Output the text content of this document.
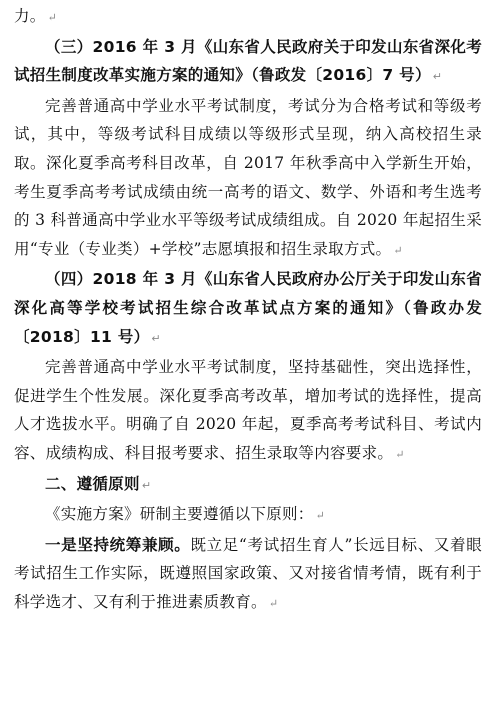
力。 ↵

（三）2016 年 3 月《山东省人民政府关于印发山东省深化考试招生制度改革实施方案的通知》（鲁政发〔2016〕7 号） ↵

完善普通高中学业水平考试制度，考试分为合格考试和等级考试，其中，等级考试科目成绩以等级形式呈现，纳入高校招生录取。深化夏季高考科目改革，自 2017 年秋季高中入学新生开始，考生夏季高考考试成绩由统一高考的语文、数学、外语和考生选考的 3 科普通高中学业水平等级考试成绩组成。自 2020 年起招生采用“专业（专业类）+学校”志愿填报和招生录取方式。 ↵

（四）2018 年 3 月《山东省人民政府办公厅关于印发山东省深化高等学校考试招生综合改革试点方案的通知》（鲁政办发〔2018〕11 号） ↵

完善普通高中学业水平考试制度，坚持基础性，突出选择性，促进学生个性发展。深化夏季高考改革，增加考试的选择性，提高人才选拔水平。明确了自 2020 年起，夏季高考考试科目、考试内容、成绩构成、科目报考要求、招生录取等内容要求。 ↵

二、遵循原则 ↵

《实施方案》研制主要遵循以下原则： ↵

一是坚持统筹兼顾。既立足“考试招生育人”长远目标、又着眼考试招生工作实际，既遵照国家政策、又对接省情考情，既有利于科学选才、又有利于推进素质教育。 ↵
